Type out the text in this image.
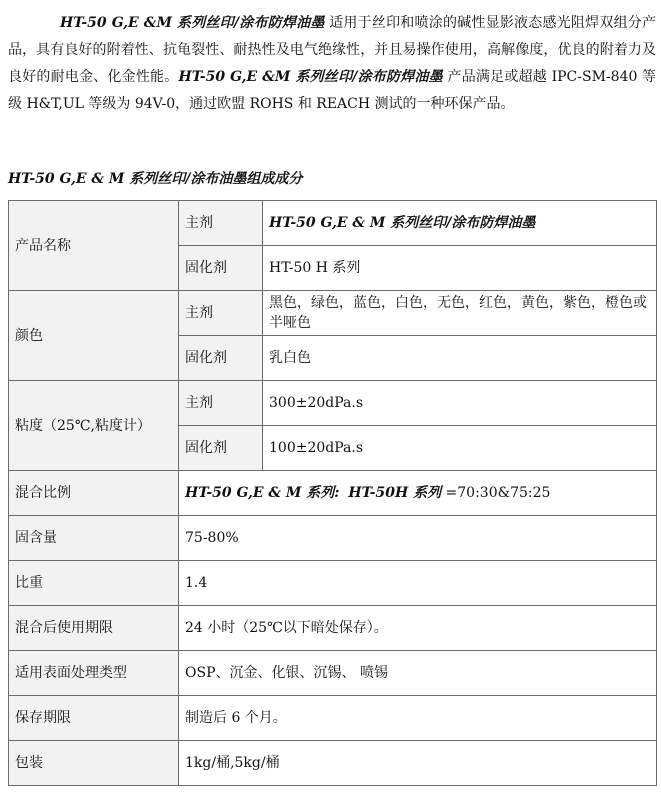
HT-50 G,E &M 系列丝印/涂布防焊油墨 适用于丝印和喷涂的碱性显影液态感光阻焊双组分产品，具有良好的附着性、抗龟裂性、耐热性及电气绝缘性，并且易操作使用，高解像度，优良的附着力及良好的耐电金、化金性能。HT-50 G,E &M 系列丝印/涂布防焊油墨 产品满足或超越 IPC-SM-840 等级 H&T,UL 等级为 94V-0，通过欧盟 ROHS 和 REACH 测试的一种环保产品。
HT-50 G,E & M 系列丝印/涂布油墨组成成分
产品名称	主剂	HT-50 G,E & M 系列丝印/涂布防焊油墨
	固化剂	HT-50 H 系列
颜色	主剂	黑色，绿色，蓝色，白色，无色，红色，黄色，紫色，橙色或半哑色
	固化剂	乳白色
粘度（25℃,粘度计）	主剂	300±20dPa.s
	固化剂	100±20dPa.s
混合比例	HT-50 G,E & M 系列: HT-50H 系列 =70:30&75:25	
固含量	75-80%	
比重	1.4	
混合后使用期限	24 小时（25℃以下暗处保存）。	
适用表面处理类型	OSP、沉金、化银、沉锡、 喷锡	
保存期限	制造后 6 个月。	
包装	1kg/桶,5kg/桶	
